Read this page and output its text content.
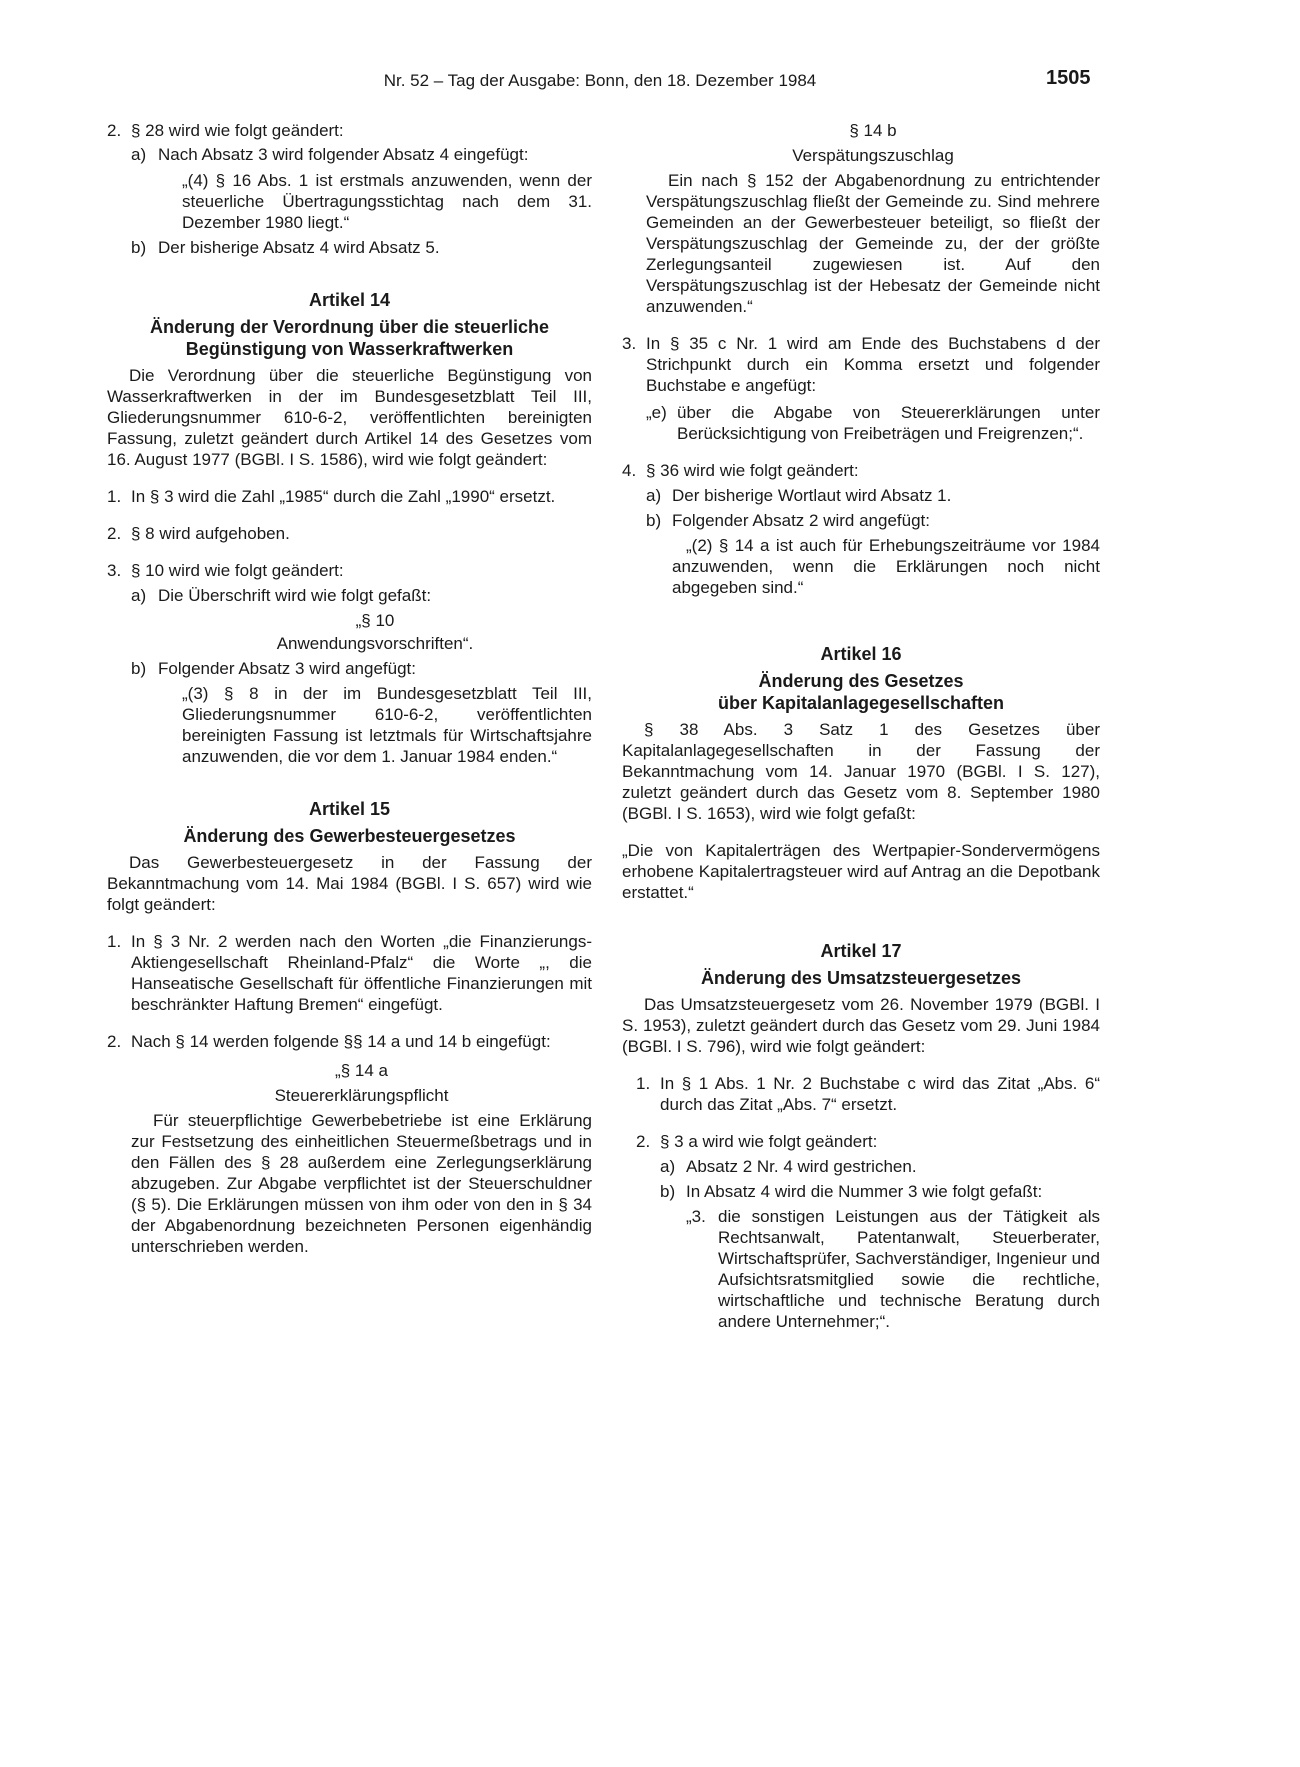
Nr. 52 – Tag der Ausgabe: Bonn, den 18. Dezember 1984	1505
2. § 28 wird wie folgt geändert:
a) Nach Absatz 3 wird folgender Absatz 4 eingefügt:

„(4) § 16 Abs. 1 ist erstmals anzuwenden, wenn der steuerliche Übertragungsstichtag nach dem 31. Dezember 1980 liegt.“

b) Der bisherige Absatz 4 wird Absatz 5.

Artikel 14

Änderung der Verordnung über die steuerliche Begünstigung von Wasserkraftwerken

Die Verordnung über die steuerliche Begünstigung von Wasserkraftwerken in der im Bundesgesetzblatt Teil III, Gliederungsnummer 610-6-2, veröffentlichten bereinigten Fassung, zuletzt geändert durch Artikel 14 des Gesetzes vom 16. August 1977 (BGBl. I S. 1586), wird wie folgt geändert:

1. In § 3 wird die Zahl „1985“ durch die Zahl „1990“ ersetzt.
2. § 8 wird aufgehoben.
3. § 10 wird wie folgt geändert:
a) Die Überschrift wird wie folgt gefaßt:

„§ 10

Anwendungsvorschriften“.

b) Folgender Absatz 3 wird angefügt:

„(3) § 8 in der im Bundesgesetzblatt Teil III, Gliederungsnummer 610-6-2, veröffentlichten bereinigten Fassung ist letztmals für Wirtschaftsjahre anzuwenden, die vor dem 1. Januar 1984 enden.“

Artikel 15

Änderung des Gewerbesteuergesetzes

Das Gewerbesteuergesetz in der Fassung der Bekanntmachung vom 14. Mai 1984 (BGBl. I S. 657) wird wie folgt geändert:

1. In § 3 Nr. 2 werden nach den Worten „die Finanzierungs-Aktiengesellschaft Rheinland-Pfalz“ die Worte „, die Hanseatische Gesellschaft für öffentliche Finanzierungen mit beschränkter Haftung Bremen“ eingefügt.
2. Nach § 14 werden folgende §§ 14 a und 14 b eingefügt:

„§ 14 a

Steuererklärungspflicht

Für steuerpflichtige Gewerbebetriebe ist eine Erklärung zur Festsetzung des einheitlichen Steuermeßbetrags und in den Fällen des § 28 außerdem eine Zerlegungserklärung abzugeben. Zur Abgabe verpflichtet ist der Steuerschuldner (§ 5). Die Erklärungen müssen von ihm oder von den in § 34 der Abgabenordnung bezeichneten Personen eigenhändig unterschrieben werden.

§ 14 b

Verspätungszuschlag

Ein nach § 152 der Abgabenordnung zu entrichtender Verspätungszuschlag fließt der Gemeinde zu. Sind mehrere Gemeinden an der Gewerbesteuer beteiligt, so fließt der Verspätungszuschlag der Gemeinde zu, der der größte Zerlegungsanteil zugewiesen ist. Auf den Verspätungszuschlag ist der Hebesatz der Gemeinde nicht anzuwenden.“

3. In § 35 c Nr. 1 wird am Ende des Buchstabens d der Strichpunkt durch ein Komma ersetzt und folgender Buchstabe e angefügt:
„e) über die Abgabe von Steuererklärungen unter Berücksichtigung von Freibeträgen und Freigrenzen;“.
4. § 36 wird wie folgt geändert:
a) Der bisherige Wortlaut wird Absatz 1.
b) Folgender Absatz 2 wird angefügt:

„(2) § 14 a ist auch für Erhebungszeiträume vor 1984 anzuwenden, wenn die Erklärungen noch nicht abgegeben sind.“

Artikel 16

Änderung des Gesetzes

über Kapitalanlagegesellschaften

§ 38 Abs. 3 Satz 1 des Gesetzes über Kapitalanlagegesellschaften in der Fassung der Bekanntmachung vom 14. Januar 1970 (BGBl. I S. 127), zuletzt geändert durch das Gesetz vom 8. September 1980 (BGBl. I S. 1653), wird wie folgt gefaßt:

„Die von Kapitalerträgen des Wertpapier-Sondervermögens erhobene Kapitalertragsteuer wird auf Antrag an die Depotbank erstattet.“

Artikel 17

Änderung des Umsatzsteuergesetzes

Das Umsatzsteuergesetz vom 26. November 1979 (BGBl. I S. 1953), zuletzt geändert durch das Gesetz vom 29. Juni 1984 (BGBl. I S. 796), wird wie folgt geändert:

1. In § 1 Abs. 1 Nr. 2 Buchstabe c wird das Zitat „Abs. 6“ durch das Zitat „Abs. 7“ ersetzt.
2. § 3 a wird wie folgt geändert:
a) Absatz 2 Nr. 4 wird gestrichen.
b) In Absatz 4 wird die Nummer 3 wie folgt gefaßt:
„3. die sonstigen Leistungen aus der Tätigkeit als Rechtsanwalt, Patentanwalt, Steuerberater, Wirtschaftsprüfer, Sachverständiger, Ingenieur und Aufsichtsratsmitglied sowie die rechtliche, wirtschaftliche und technische Beratung durch andere Unternehmer;“.
